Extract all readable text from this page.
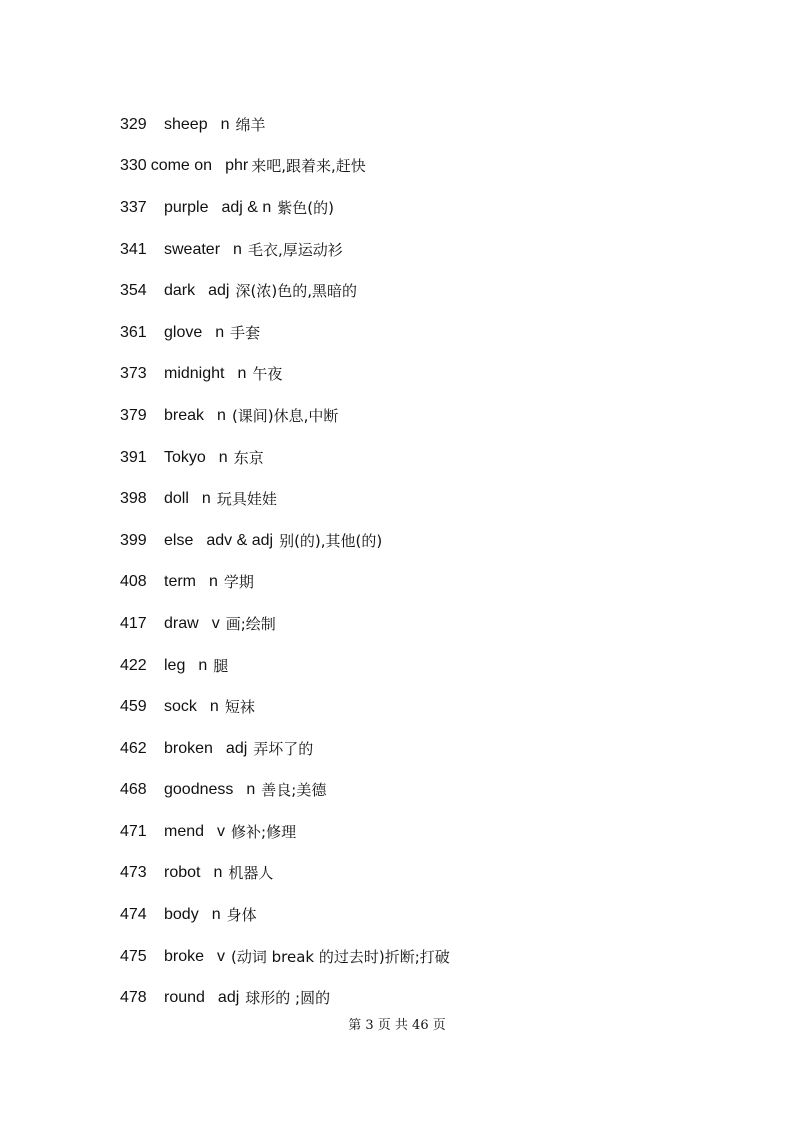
329	sheep n 绵羊
330 come on phr 来吧,跟着来,赶快
337	purple adj & n 紫色(的)
341	sweater n 毛衣,厚运动衫
354	dark adj 深(浓)色的,黑暗的
361	glove n 手套
373	midnight n 午夜
379	break n (课间)休息,中断
391	Tokyo n 东京
398	doll n 玩具娃娃
399	else adv & adj 别(的),其他(的)
408	term n 学期
417	draw v 画;绘制
422	leg n 腿
459	sock n 短袜
462	broken adj 弄坏了的
468	goodness n 善良;美德
471	mend v 修补;修理
473	robot n 机器人
474	body n 身体
475	broke v (动词 break 的过去时)折断;打破
478	round adj 球形的 ;圆的
第 3 页 共 46 页
